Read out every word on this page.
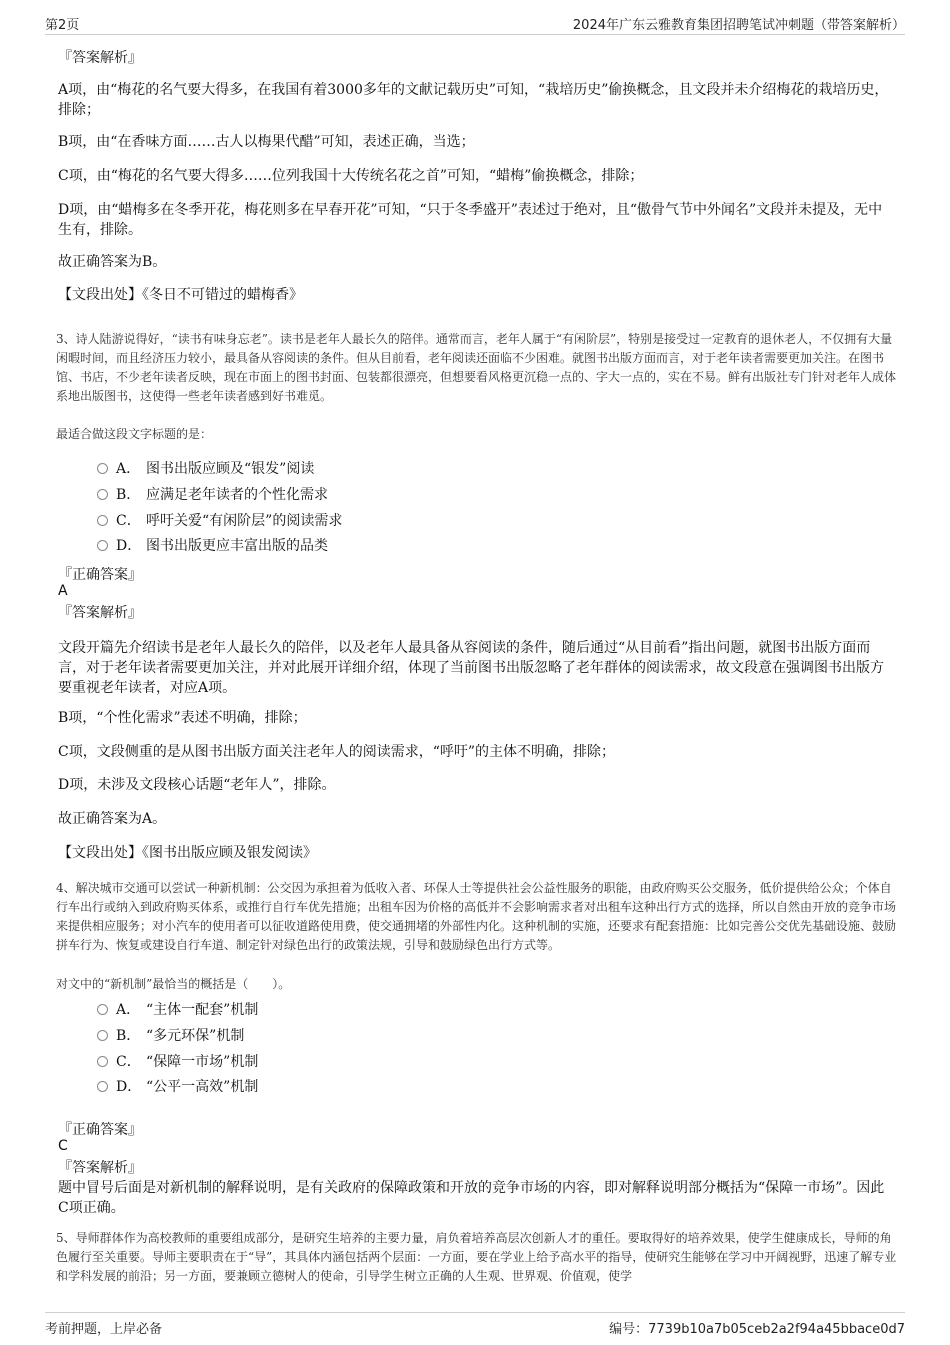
第2页	2024年广东云雅教育集团招聘笔试冲刺题（带答案解析）
『答案解析』
A项，由“梅花的名气要大得多，在我国有着3000多年的文献记载历史”可知，“栽培历史”偷换概念，且文段并未介绍梅花的栽培历史，排除；
B项，由“在香味方面……古人以梅果代醋”可知，表述正确，当选；
C项，由“梅花的名气要大得多……位列我国十大传统名花之首”可知，“蜡梅”偷换概念，排除；
D项，由“蜡梅多在冬季开花，梅花则多在早春开花”可知，“只于冬季盛开”表述过于绝对，且“傲骨气节中外闻名”文段并未提及，无中生有，排除。
故正确答案为B。
【文段出处】《冬日不可错过的蜡梅香》
3、诗人陆游说得好，“读书有味身忘老”。读书是老年人最长久的陪伴。通常而言，老年人属于“有闲阶层”，特别是接受过一定教育的退休老人，不仅拥有大量闲暇时间，而且经济压力较小，最具备从容阅读的条件。但从目前看，老年阅读还面临不少困难。就图书出版方面而言，对于老年读者需要更加关注。在图书馆、书店，不少老年读者反映，现在市面上的图书封面、包装都很漂亮，但想要看风格更沉稳一点的、字大一点的，实在不易。鲜有出版社专门针对老年人成体系地出版图书，这使得一些老年读者感到好书难觅。
最适合做这段文字标题的是：
A． 图书出版应顾及“银发”阅读
B． 应满足老年读者的个性化需求
C． 呼吁关爱“有闲阶层”的阅读需求
D． 图书出版更应丰富出版的品类
『正确答案』
A
『答案解析』
文段开篇先介绍读书是老年人最长久的陪伴，以及老年人最具备从容阅读的条件，随后通过“从目前看”指出问题，就图书出版方面而言，对于老年读者需要更加关注，并对此展开详细介绍，体现了当前图书出版忽略了老年群体的阅读需求，故文段意在强调图书出版方要重视老年读者，对应A项。
B项，“个性化需求”表述不明确，排除；
C项，文段侧重的是从图书出版方面关注老年人的阅读需求，“呼吁”的主体不明确，排除；
D项，未涉及文段核心话题“老年人”，排除。
故正确答案为A。
【文段出处】《图书出版应顾及银发阅读》
4、解决城市交通可以尝试一种新机制：公交因为承担着为低收入者、环保人士等提供社会公益性服务的职能，由政府购买公交服务，低价提供给公众；个体自行车出行或纳入到政府购买体系，或推行自行车优先措施；出租车因为价格的高低并不会影响需求者对出租车这种出行方式的选择，所以自然由开放的竞争市场来提供相应服务；对小汽车的使用者可以征收道路使用费，使交通拥堵的外部性内化。这种机制的实施，还要求有配套措施：比如完善公交优先基础设施、鼓励拼车行为、恢复或建设自行车道、制定针对绿色出行的政策法规，引导和鼓励绿色出行方式等。
对文中的“新机制”最恰当的概括是（　　）。
A． “主体一配套”机制
B． “多元环保”机制
C． “保障一市场”机制
D． “公平一高效”机制
『正确答案』
C
『答案解析』
题中冒号后面是对新机制的解释说明，是有关政府的保障政策和开放的竞争市场的内容，即对解释说明部分概括为“保障一市场”。因此C项正确。
5、导师群体作为高校教师的重要组成部分，是研究生培养的主要力量，肩负着培养高层次创新人才的重任。要取得好的培养效果，使学生健康成长，导师的角色履行至关重要。导师主要职责在于“导”，其具体内涵包括两个层面：一方面，要在学业上给予高水平的指导，使研究生能够在学习中开阔视野，迅速了解专业和学科发展的前沿；另一方面，要兼顾立德树人的使命，引导学生树立正确的人生观、世界观、价值观，使学
考前押题，上岸必备	编号：7739b10a7b05ceb2a2f94a45bbace0d7
